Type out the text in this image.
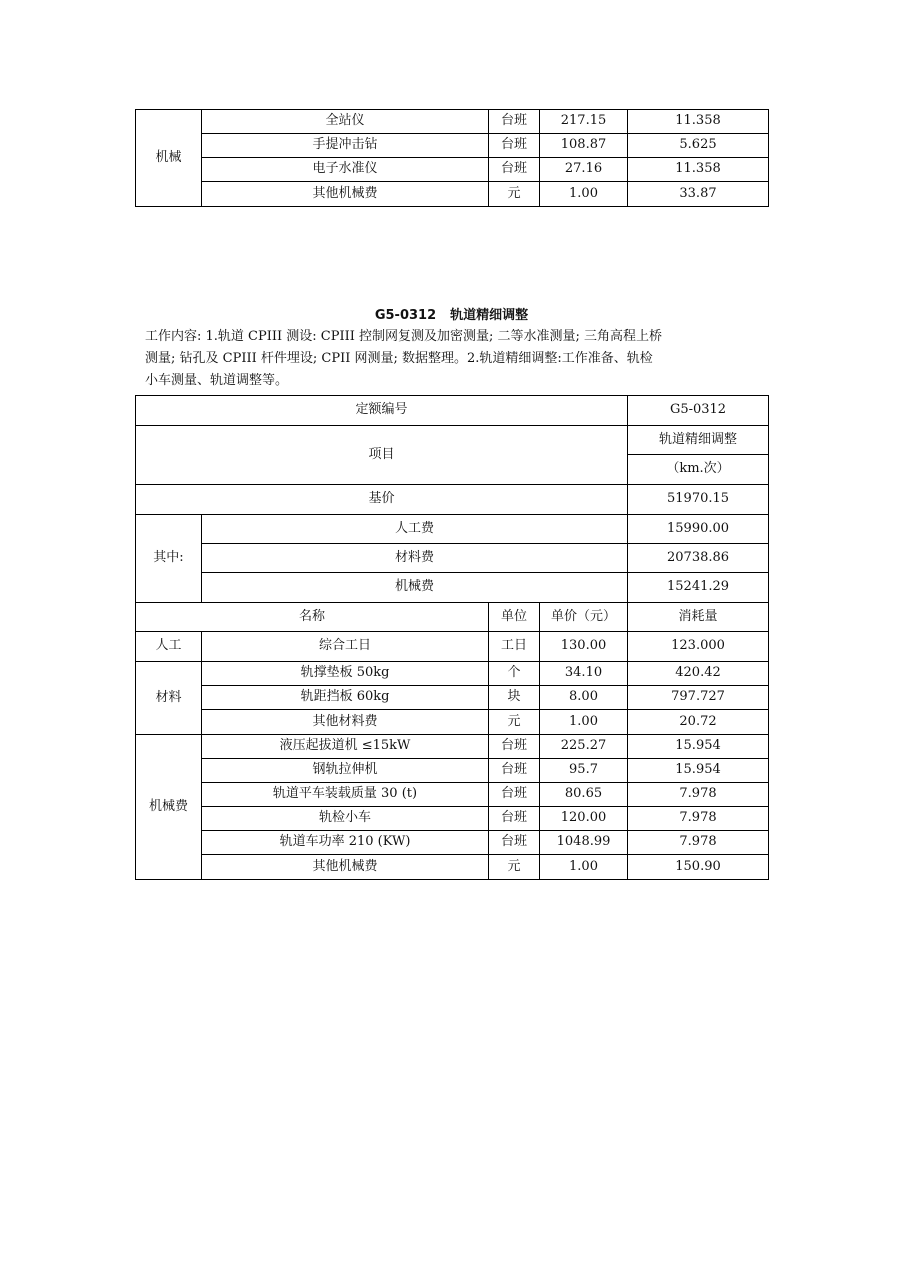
机械	全站仪	台班	217.15	11.358
	手提冲击钻	台班	108.87	5.625
	电子水准仪	台班	27.16	11.358
	其他机械费	元	1.00	33.87
G5-0312 轨道精细调整
工作内容: 1.轨道 CPIII 测设: CPIII 控制网复测及加密测量; 二等水准测量; 三角高程上桥
测量; 钻孔及 CPIII 杆件埋设; CPII 网测量; 数据整理。2.轨道精细调整:工作准备、轨检
小车测量、轨道调整等。
定额编号				G5-0312
项目				轨道精细调整
				（km.次）
基价				51970.15
其中:	人工费			15990.00
	材料费			20738.86
	机械费			15241.29
名称		单位	单价（元）	消耗量
人工	综合工日	工日	130.00	123.000
材料	轨撑垫板 50kg	个	34.10	420.42
	轨距挡板 60kg	块	8.00	797.727
	其他材料费	元	1.00	20.72
机械费	液压起拔道机 ≤15kW	台班	225.27	15.954
	钢轨拉伸机	台班	95.7	15.954
	轨道平车装载质量 30 (t)	台班	80.65	7.978
	轨检小车	台班	120.00	7.978
	轨道车功率 210 (KW)	台班	1048.99	7.978
	其他机械费	元	1.00	150.90
